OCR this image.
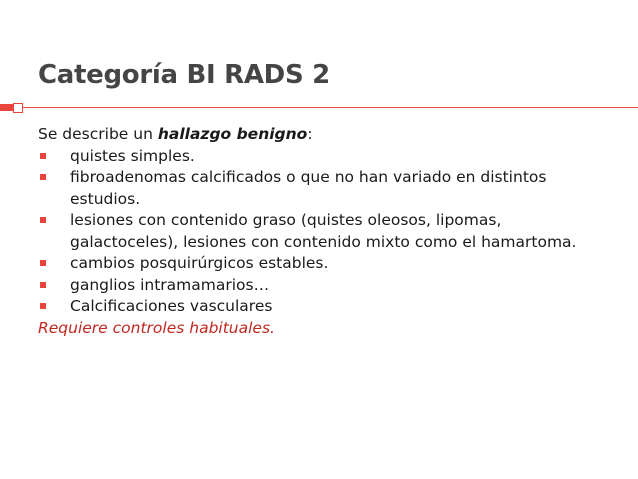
Categoría BI RADS 2
Se describe un hallazgo benigno:
quistes simples.
fibroadenomas calcificados o que no han variado en distintos estudios.
lesiones con contenido graso (quistes oleosos, lipomas, galactoceles), lesiones con contenido mixto como el hamartoma.
cambios posquirúrgicos estables.
ganglios intramamarios…
Calcificaciones vasculares
Requiere controles habituales.
